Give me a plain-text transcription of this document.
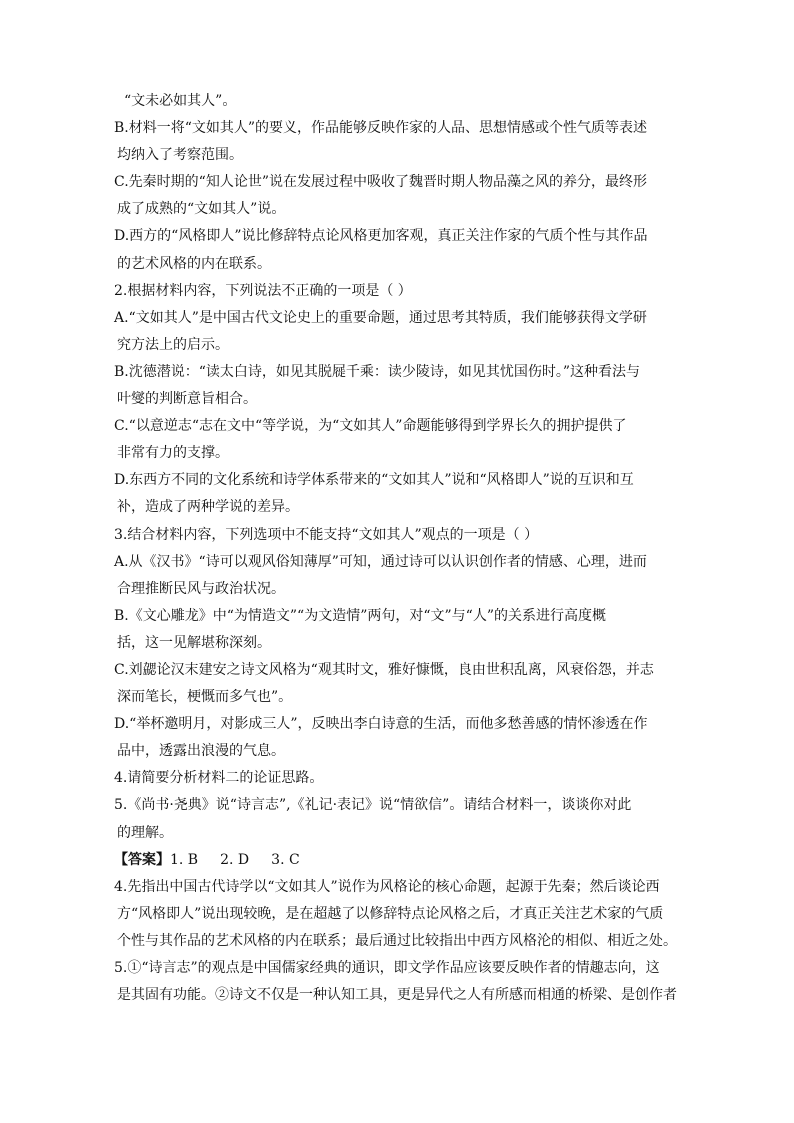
“文未必如其人”。
B.材料一将“文如其人”的要义，作品能够反映作家的人品、思想情感或个性气质等表述
均纳入了考察范围。
C.先秦时期的“知人论世”说在发展过程中吸收了魏晋时期人物品藻之风的养分，最终形
成了成熟的“文如其人”说。
D.西方的“风格即人”说比修辞特点论风格更加客观，真正关注作家的气质个性与其作品
的艺术风格的内在联系。
2.根据材料内容，下列说法不正确的一项是（ ）
A.“文如其人”是中国古代文论史上的重要命题，通过思考其特质，我们能够获得文学研
究方法上的启示。
B.沈德潜说：“读太白诗，如见其脱屣千乘：读少陵诗，如见其忧国伤时。”这种看法与
叶燮的判断意旨相合。
C.“以意逆志“志在文中“等学说，为“文如其人”命题能够得到学界长久的拥护提供了
非常有力的支撑。
D.东西方不同的文化系统和诗学体系带来的“文如其人”说和“风格即人”说的互识和互
补，造成了两种学说的差异。
3.结合材料内容，下列选项中不能支持“文如其人”观点的一项是（ ）
A.从《汉书》“诗可以观风俗知薄厚”可知，通过诗可以认识创作者的情感、心理，进而
合理推断民风与政治状况。
B.《文心雕龙》中“为情造文”“为文造情”两句，对“文”与“人”的关系进行高度概
括，这一见解堪称深刻。
C.刘勰论汉末建安之诗文风格为“观其时文，雅好慷慨，良由世积乱离，风衰俗怨，并志
深而笔长，梗慨而多气也”。
D.“举杯邀明月，对影成三人”，反映出李白诗意的生活，而他多愁善感的情怀渗透在作
品中，透露出浪漫的气息。
4.请简要分析材料二的论证思路。
5.《尚书·尧典》说“诗言志”,《礼记·表记》说“情欲信”。请结合材料一，谈谈你对此
的理解。
【答案】1. B 2. D 3. C
4.先指出中国古代诗学以“文如其人”说作为风格论的核心命题，起源于先秦；然后谈论西
方“风格即人”说出现较晚，是在超越了以修辞特点论风格之后，才真正关注艺术家的气质
个性与其作品的艺术风格的内在联系；最后通过比较指出中西方风格沦的相似、相近之处。
5.①“诗言志”的观点是中国儒家经典的通识，即文学作品应该要反映作者的情趣志向，这
是其固有功能。②诗文不仅是一种认知工具，更是异代之人有所感而相通的桥梁、是创作者
